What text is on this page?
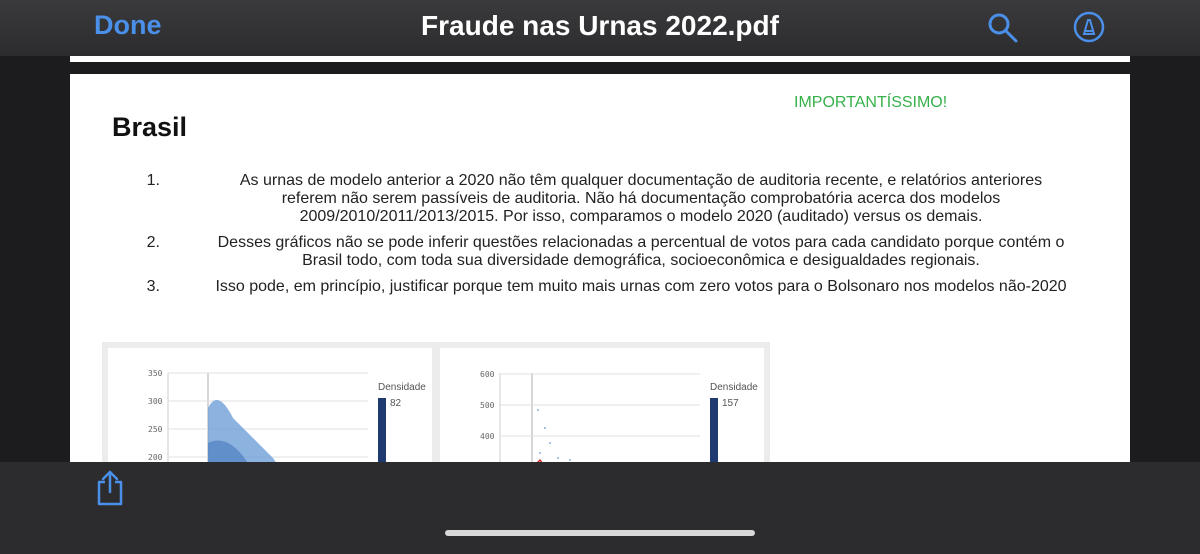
Done	Fraude nas Urnas 2022.pdf
IMPORTANTÍSSIMO!
Brasil
1.	As urnas de modelo anterior a 2020 não têm qualquer documentação de auditoria recente, e relatórios anteriores
referem não serem passíveis de auditoria. Não há documentação comprobatória acerca dos modelos
2009/2010/2011/2013/2015. Por isso, comparamos o modelo 2020 (auditado) versus os demais.
2.	Desses gráficos não se pode inferir questões relacionadas a percentual de votos para cada candidato porque contém o
Brasil todo, com toda sua diversidade demográfica, socioeconômica e desigualdades regionais.
3.	Isso pode, em princípio, justificar porque tem muito mais urnas com zero votos para o Bolsonaro nos modelos não-2020
350
300
250
200
Densidade
82
600
500
400
Densidade
157
